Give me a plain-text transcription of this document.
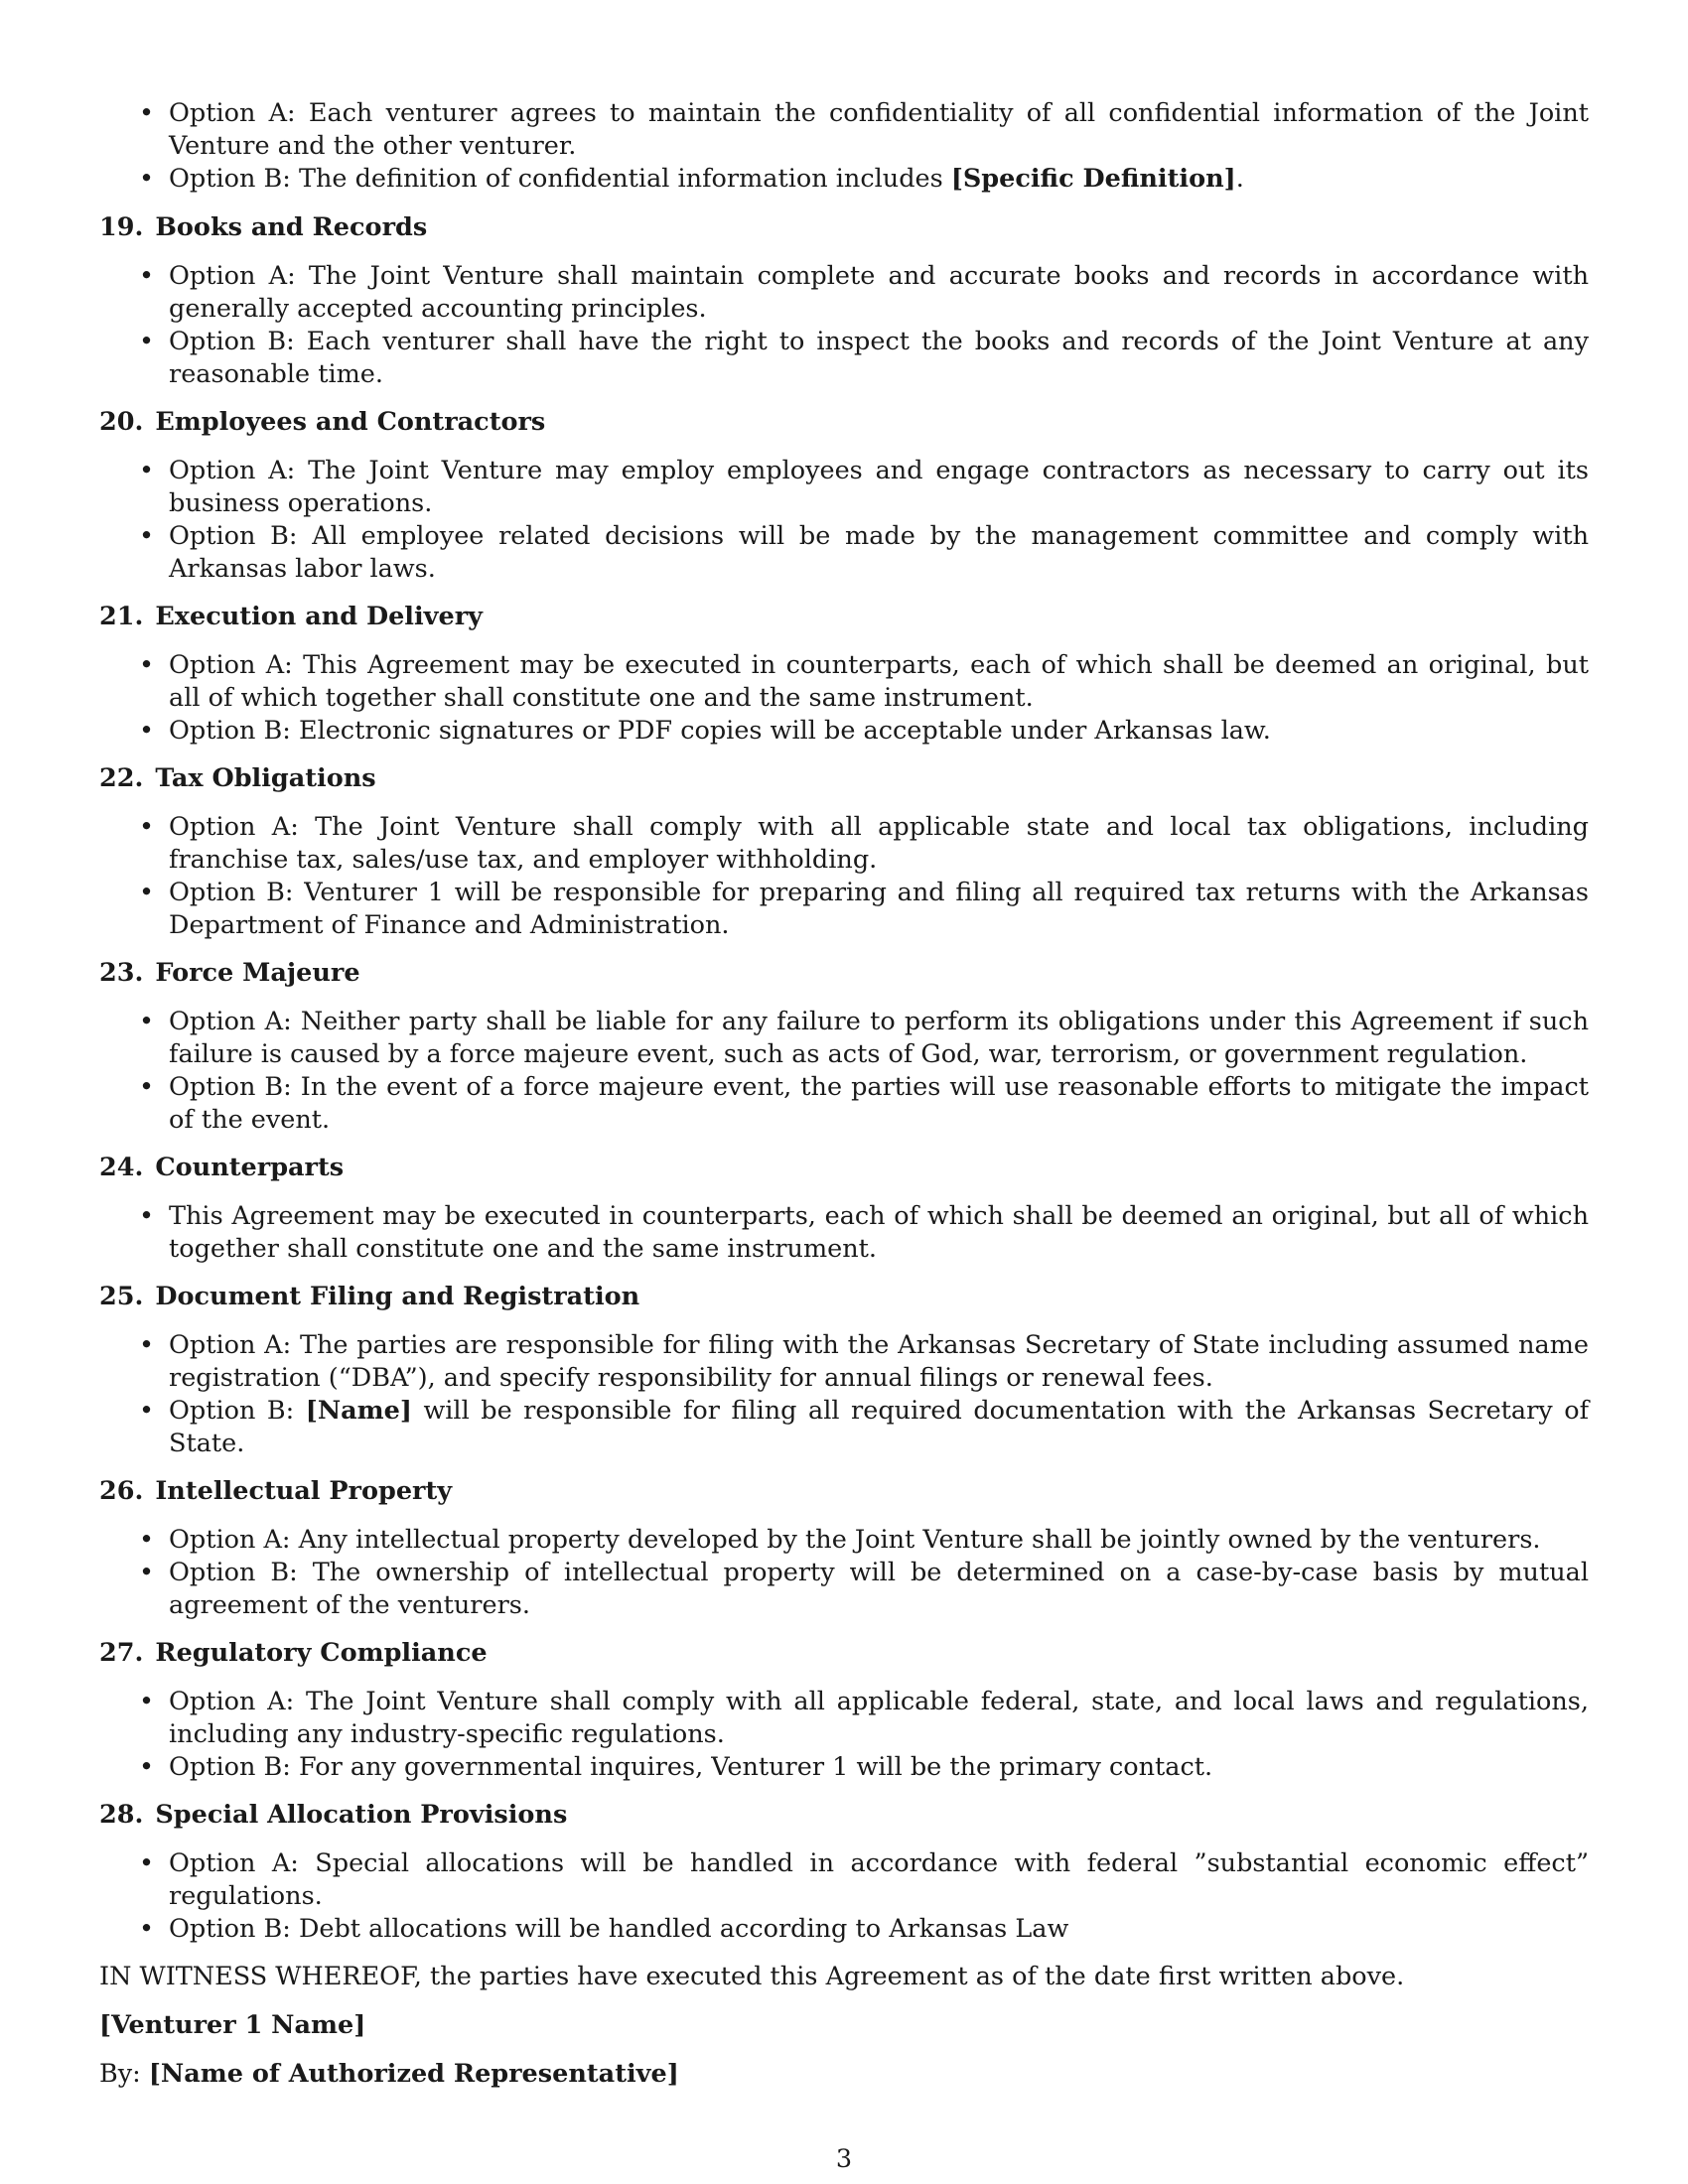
• Option A: Each venturer agrees to maintain the confidentiality of all confidential information of the Joint Venture and the other venturer.
• Option B: The definition of confidential information includes [Specific Definition].
19. Books and Records
• Option A: The Joint Venture shall maintain complete and accurate books and records in accordance with generally accepted accounting principles.
• Option B: Each venturer shall have the right to inspect the books and records of the Joint Venture at any reasonable time.
20. Employees and Contractors
• Option A: The Joint Venture may employ employees and engage contractors as necessary to carry out its business operations.
• Option B: All employee related decisions will be made by the management committee and comply with Arkansas labor laws.
21. Execution and Delivery
• Option A: This Agreement may be executed in counterparts, each of which shall be deemed an original, but all of which together shall constitute one and the same instrument.
• Option B: Electronic signatures or PDF copies will be acceptable under Arkansas law.
22. Tax Obligations
• Option A: The Joint Venture shall comply with all applicable state and local tax obligations, including franchise tax, sales/use tax, and employer withholding.
• Option B: Venturer 1 will be responsible for preparing and filing all required tax returns with the Arkansas Department of Finance and Administration.
23. Force Majeure
• Option A: Neither party shall be liable for any failure to perform its obligations under this Agreement if such failure is caused by a force majeure event, such as acts of God, war, terrorism, or government regulation.
• Option B: In the event of a force majeure event, the parties will use reasonable efforts to mitigate the impact of the event.
24. Counterparts
• This Agreement may be executed in counterparts, each of which shall be deemed an original, but all of which together shall constitute one and the same instrument.
25. Document Filing and Registration
• Option A: The parties are responsible for filing with the Arkansas Secretary of State including assumed name registration (“DBA”), and specify responsibility for annual filings or renewal fees.
• Option B: [Name] will be responsible for filing all required documentation with the Arkansas Secretary of State.
26. Intellectual Property
• Option A: Any intellectual property developed by the Joint Venture shall be jointly owned by the venturers.
• Option B: The ownership of intellectual property will be determined on a case-by-case basis by mutual agreement of the venturers.
27. Regulatory Compliance
• Option A: The Joint Venture shall comply with all applicable federal, state, and local laws and regulations, including any industry-specific regulations.
• Option B: For any governmental inquires, Venturer 1 will be the primary contact.
28. Special Allocation Provisions
• Option A: Special allocations will be handled in accordance with federal ”substantial economic effect” regulations.
• Option B: Debt allocations will be handled according to Arkansas Law
IN WITNESS WHEREOF, the parties have executed this Agreement as of the date first written above.
[Venturer 1 Name]
By: [Name of Authorized Representative]
3
